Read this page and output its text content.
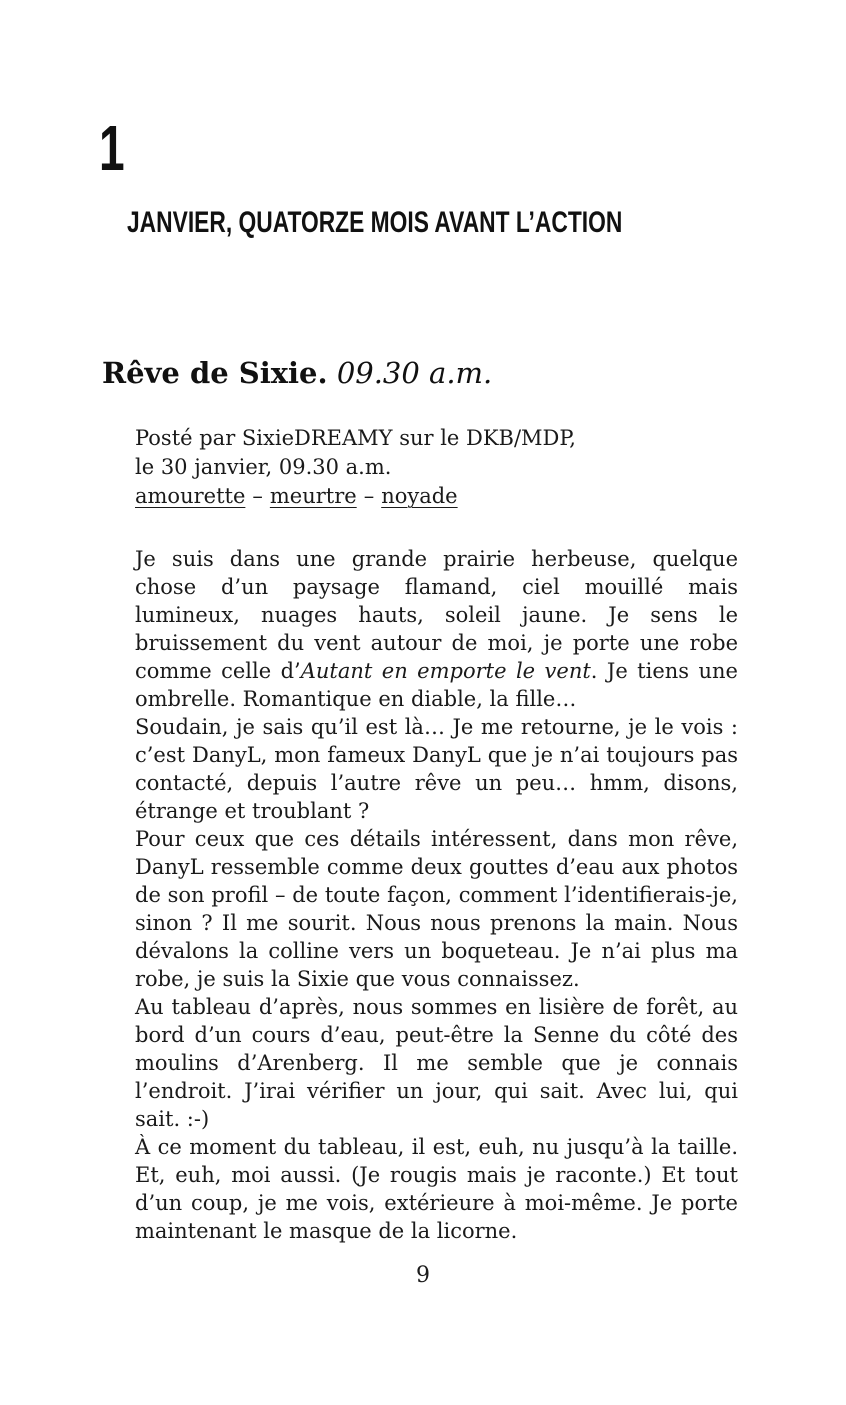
1
JANVIER, QUATORZE MOIS AVANT L’ACTION
Rêve de Sixie. 09.30 a.m.
Posté par SixieDREAMY sur le DKB/MDP,
le 30 janvier, 09.30 a.m.
amourette – meurtre – noyade

Je suis dans une grande prairie herbeuse, quelque chose d’un paysage flamand, ciel mouillé mais lumineux, nuages hauts, soleil jaune. Je sens le bruissement du vent autour de moi, je porte une robe comme celle d’Autant en emporte le vent. Je tiens une ombrelle. Romantique en diable, la fille…

Soudain, je sais qu’il est là… Je me retourne, je le vois : c’est DanyL, mon fameux DanyL que je n’ai toujours pas contacté, depuis l’autre rêve un peu… hmm, disons, étrange et troublant ?

Pour ceux que ces détails intéressent, dans mon rêve, DanyL ressemble comme deux gouttes d’eau aux photos de son profil – de toute façon, comment l’identifierais-je, sinon ? Il me sourit. Nous nous prenons la main. Nous dévalons la colline vers un boqueteau. Je n’ai plus ma robe, je suis la Sixie que vous connaissez.

Au tableau d’après, nous sommes en lisière de forêt, au bord d’un cours d’eau, peut-être la Senne du côté des moulins d’Arenberg. Il me semble que je connais l’endroit. J’irai vérifier un jour, qui sait. Avec lui, qui sait. :-)

À ce moment du tableau, il est, euh, nu jusqu’à la taille. Et, euh, moi aussi. (Je rougis mais je raconte.) Et tout d’un coup, je me vois, extérieure à moi-même. Je porte maintenant le masque de la licorne.

9
